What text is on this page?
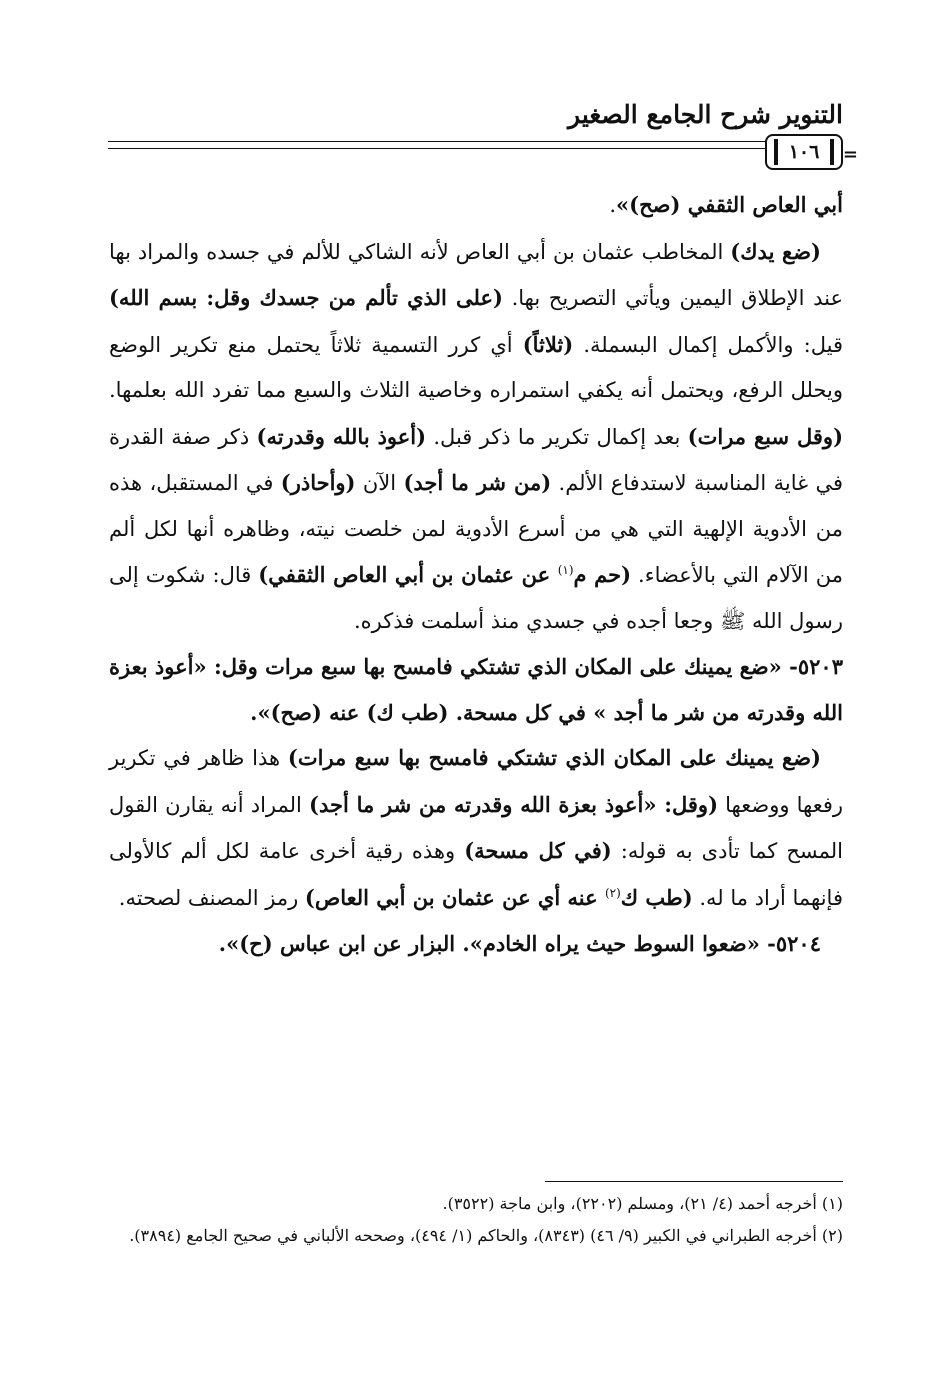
التنوير شرح الجامع الصغير
١٠٦	=

أبي العاص الثقفي (صح)».

(ضع يدك) المخاطب عثمان بن أبي العاص لأنه الشاكي للألم في جسده والمراد بها عند الإطلاق اليمين ويأتي التصريح بها. (على الذي تألم من جسدك وقل: بسم الله) قيل: والأكمل إكمال البسملة. (ثلاثاً) أي كرر التسمية ثلاثاً يحتمل منع تكرير الوضع ويحلل الرفع، ويحتمل أنه يكفي استمراره وخاصية الثلاث والسبع مما تفرد الله بعلمها. (وقل سبع مرات) بعد إكمال تكرير ما ذكر قبل. (أعوذ بالله وقدرته) ذكر صفة القدرة في غاية المناسبة لاستدفاع الألم. (من شر ما أجد) الآن (وأحاذر) في المستقبل، هذه من الأدوية الإلهية التي هي من أسرع الأدوية لمن خلصت نيته، وظاهره أنها لكل ألم من الآلام التي بالأعضاء. (حم م$^{(١)}$ عن عثمان بن أبي العاص الثقفي) قال: شكوت إلى رسول الله ﷺ وجعا أجده في جسدي منذ أسلمت فذكره.

٥٢٠٣- «ضع يمينك على المكان الذي تشتكي فامسح بها سبع مرات وقل: «أعوذ بعزة الله وقدرته من شر ما أجد » في كل مسحة. (طب ك) عنه (صح)».

(ضع يمينك على المكان الذي تشتكي فامسح بها سبع مرات) هذا ظاهر في تكرير رفعها ووضعها (وقل: «أعوذ بعزة الله وقدرته من شر ما أجد) المراد أنه يقارن القول المسح كما تأدى به قوله: (في كل مسحة) وهذه رقية أخرى عامة لكل ألم كالأولى فإنهما أراد ما له. (طب ك$^{(٢)}$ عنه أي عن عثمان بن أبي العاص) رمز المصنف لصحته.

٥٢٠٤- «ضعوا السوط حيث يراه الخادم». البزار عن ابن عباس (ح)».

(١) أخرجه أحمد (٤/ ٢١)، ومسلم (٢٢٠٢)، وابن ماجة (٣٥٢٢).

(٢) أخرجه الطبراني في الكبير (٩/ ٤٦) (٨٣٤٣)، والحاكم (١/ ٤٩٤)، وصححه الألباني في صحيح الجامع (٣٨٩٤).
